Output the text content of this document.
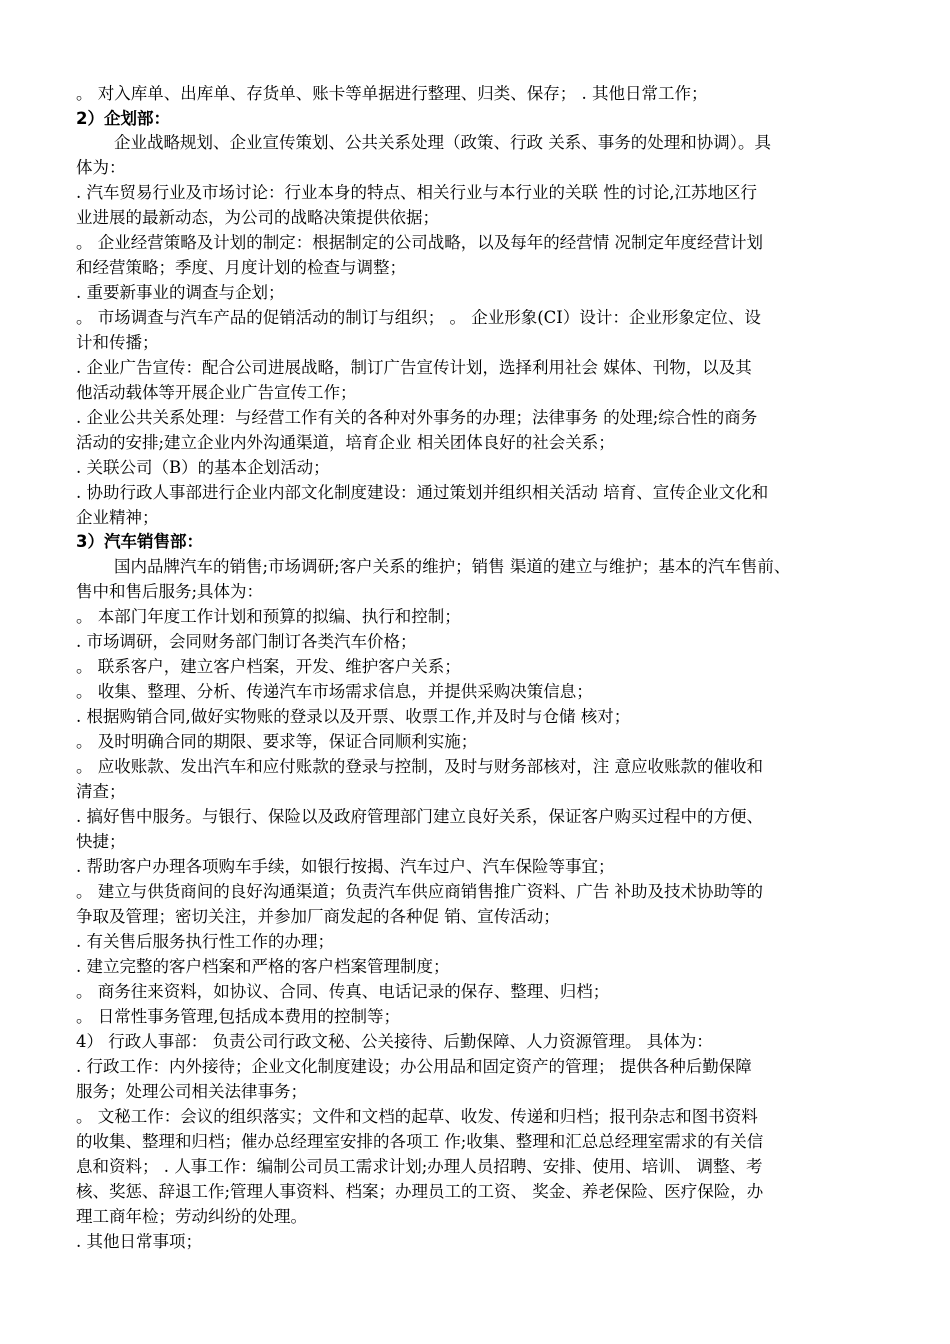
。 对入库单、出库单、存货单、账卡等单据进行整理、归类、保存； . 其他日常工作；
2）企划部：
企业战略规划、企业宣传策划、公共关系处理（政策、行政 关系、事务的处理和协调）。具
体为：
. 汽车贸易行业及市场讨论：行业本身的特点、相关行业与本行业的关联 性的讨论,江苏地区行
业进展的最新动态，为公司的战略决策提供依据；
。 企业经营策略及计划的制定：根据制定的公司战略，以及每年的经营情 况制定年度经营计划
和经营策略；季度、月度计划的检查与调整；
. 重要新事业的调查与企划；
。 市场调查与汽车产品的促销活动的制订与组织； 。 企业形象(CI）设计：企业形象定位、设
计和传播；
. 企业广告宣传：配合公司进展战略，制订广告宣传计划，选择利用社会 媒体、刊物，以及其
他活动载体等开展企业广告宣传工作；
. 企业公共关系处理：与经营工作有关的各种对外事务的办理；法律事务 的处理;综合性的商务
活动的安排;建立企业内外沟通渠道，培育企业 相关团体良好的社会关系；
. 关联公司（B）的基本企划活动；
. 协助行政人事部进行企业内部文化制度建设：通过策划并组织相关活动 培育、宣传企业文化和
企业精神；
3）汽车销售部：
国内品牌汽车的销售;市场调研;客户关系的维护；销售 渠道的建立与维护；基本的汽车售前、
售中和售后服务;具体为：
。 本部门年度工作计划和预算的拟编、执行和控制；
. 市场调研，会同财务部门制订各类汽车价格；
。 联系客户，建立客户档案，开发、维护客户关系；
。 收集、整理、分析、传递汽车市场需求信息，并提供采购决策信息；
. 根据购销合同,做好实物账的登录以及开票、收票工作,并及时与仓储 核对；
。 及时明确合同的期限、要求等，保证合同顺利实施；
。 应收账款、发出汽车和应付账款的登录与控制，及时与财务部核对，注 意应收账款的催收和
清查；
. 搞好售中服务。与银行、保险以及政府管理部门建立良好关系，保证客户购买过程中的方便、
快捷；
. 帮助客户办理各项购车手续，如银行按揭、汽车过户、汽车保险等事宜；
。 建立与供货商间的良好沟通渠道；负责汽车供应商销售推广资料、广告 补助及技术协助等的
争取及管理；密切关注，并参加厂商发起的各种促 销、宣传活动；
. 有关售后服务执行性工作的办理；
. 建立完整的客户档案和严格的客户档案管理制度；
。 商务往来资料，如协议、合同、传真、电话记录的保存、整理、归档；
。 日常性事务管理,包括成本费用的控制等；
4） 行政人事部： 负责公司行政文秘、公关接待、后勤保障、人力资源管理。 具体为：
. 行政工作：内外接待；企业文化制度建设；办公用品和固定资产的管理； 提供各种后勤保障
服务；处理公司相关法律事务；
。 文秘工作：会议的组织落实；文件和文档的起草、收发、传递和归档；报刊杂志和图书资料
的收集、整理和归档；催办总经理室安排的各项工 作;收集、整理和汇总总经理室需求的有关信
息和资料； . 人事工作：编制公司员工需求计划;办理人员招聘、安排、使用、培训、 调整、考
核、奖惩、辞退工作;管理人事资料、档案；办理员工的工资、 奖金、养老保险、医疗保险，办
理工商年检；劳动纠纷的处理。
. 其他日常事项；
